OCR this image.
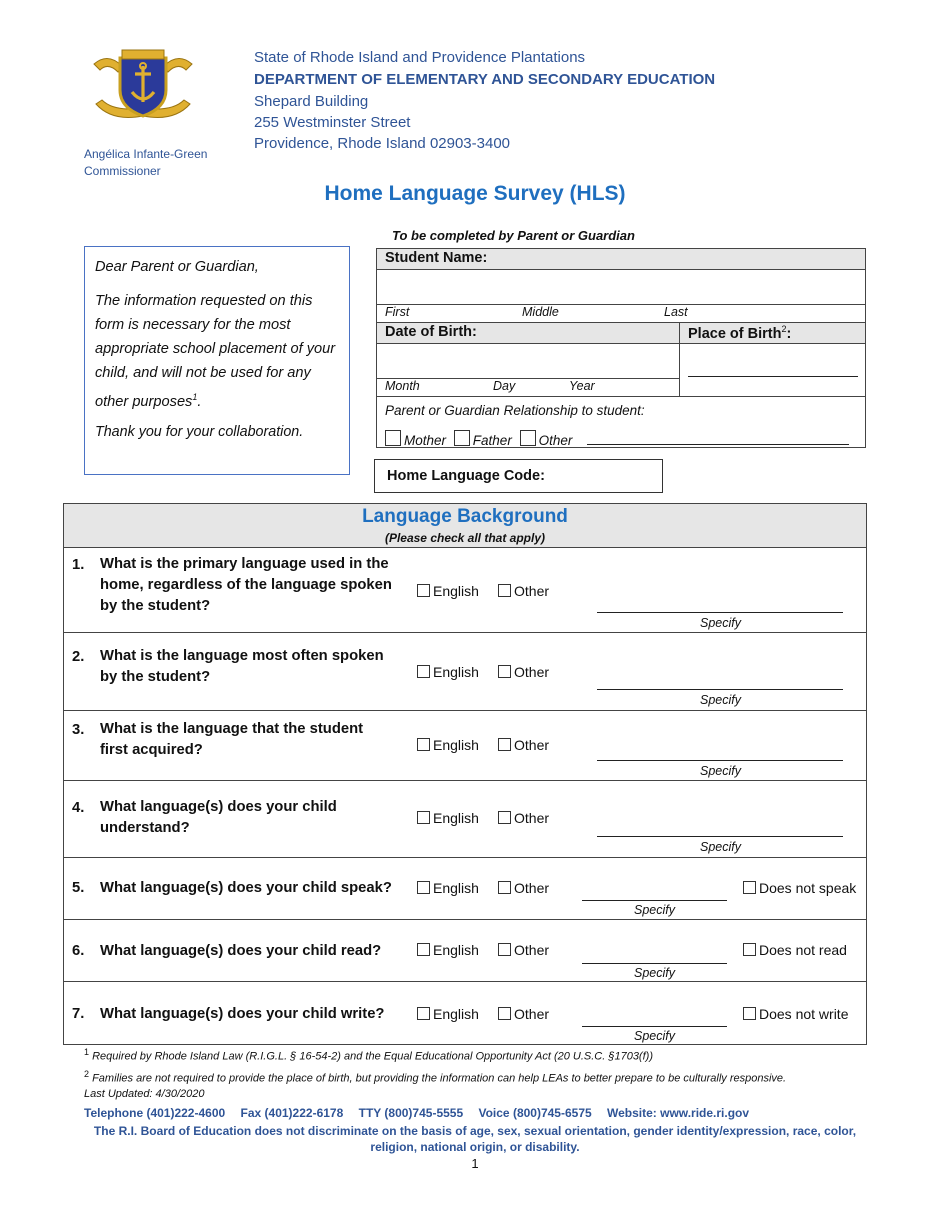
State of Rhode Island and Providence Plantations
DEPARTMENT OF ELEMENTARY AND SECONDARY EDUCATION
Shepard Building
255 Westminster Street
Providence, Rhode Island 02903-3400
Angélica Infante-Green
Commissioner
Home Language Survey (HLS)
To be completed by Parent or Guardian

Dear Parent or Guardian,

The information requested on this form is necessary for the most appropriate school placement of your child, and will not be used for any other purposes$^1$.

Thank you for your collaboration.

Student Name:
First	Middle	Last
Date of Birth:	Place of Birth$^2$:
Month	Day	Year
Parent or Guardian Relationship to student:
Mother Father Other
Home Language Code:
Language Background
(Please check all that apply)
1. What is the primary language used in the home, regardless of the language spoken by the student?
English	Other
Specify
2. What is the language most often spoken by the student?	English	Other
Specify
3. What is the language that the student first acquired?	English	Other
Specify
4. What language(s) does your child understand?
English	Other
Specify
5. What language(s) does your child speak?	English	Other
Specify
Does not speak
6. What language(s) does your child read?	English	Other
Specify
Does not read
7. What language(s) does your child write?	English	Other
Specify
Does not write
$^1$ Required by Rhode Island Law (R.I.G.L. § 16-54-2) and the Equal Educational Opportunity Act (20 U.S.C. §1703(f))
$^2$ Families are not required to provide the place of birth, but providing the information can help LEAs to better prepare to be culturally responsive.
Last Updated: 4/30/2020
Telephone (401)222-4600 Fax (401)222-6178 TTY (800)745-5555 Voice (800)745-6575 Website: www.ride.ri.gov
The R.I. Board of Education does not discriminate on the basis of age, sex, sexual orientation, gender identity/expression, race, color, religion, national origin, or disability.
1
